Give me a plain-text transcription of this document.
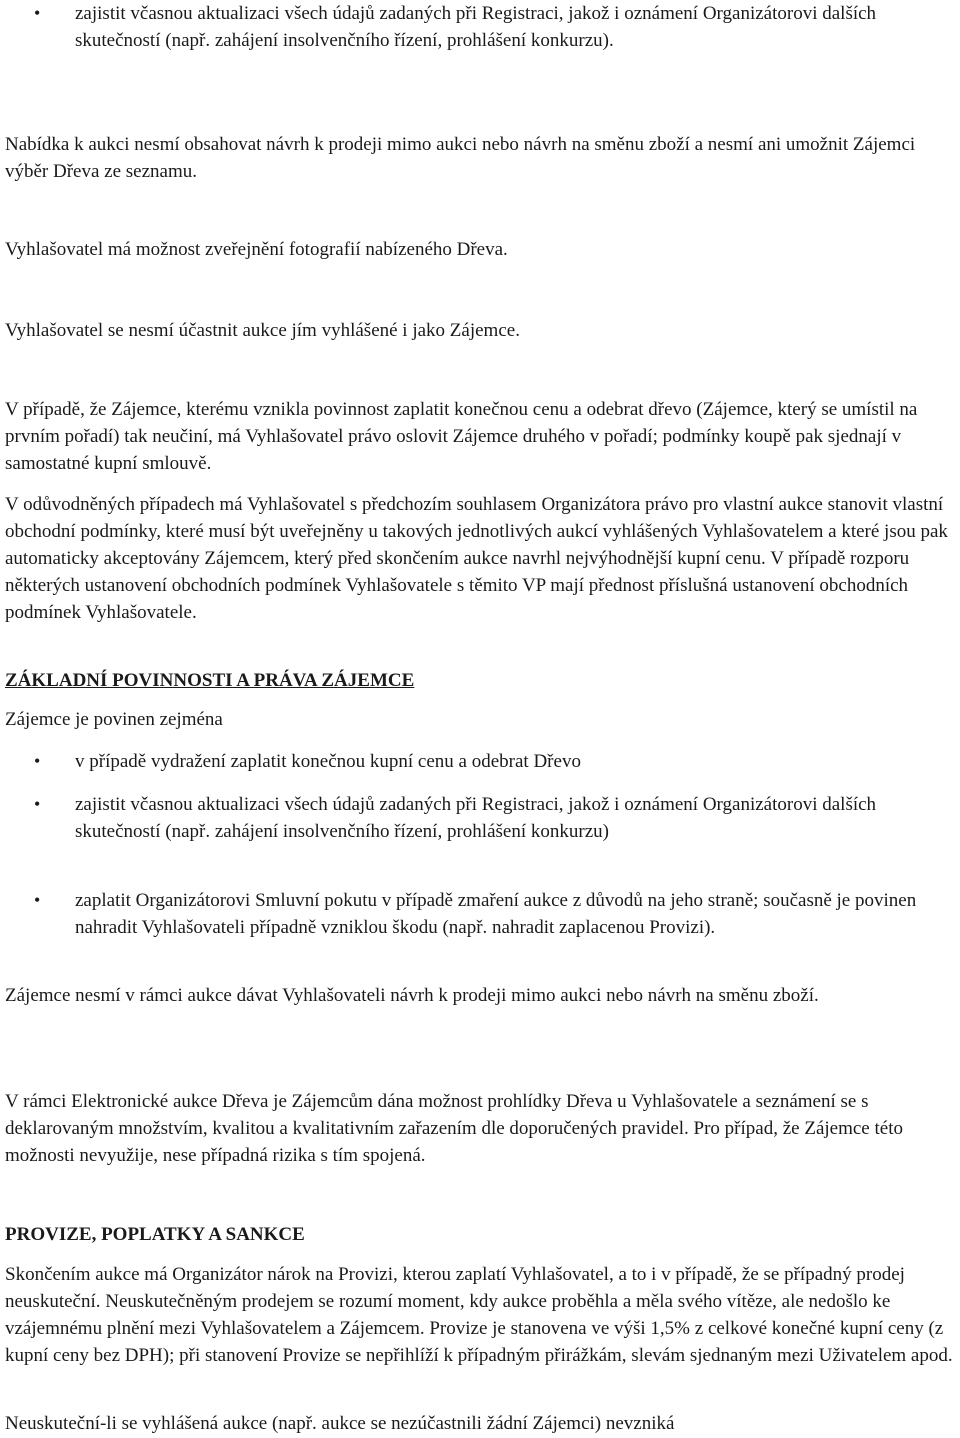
• zajistit včasnou aktualizaci všech údajů zadaných při Registraci, jakož i oznámení Organizátorovi dalších skutečností (např. zahájení insolvenčního řízení, prohlášení konkurzu).

Nabídka k aukci nesmí obsahovat návrh k prodeji mimo aukci nebo návrh na směnu zboží a nesmí ani umožnit Zájemci výběr Dřeva ze seznamu.

Vyhlašovatel má možnost zveřejnění fotografií nabízeného Dřeva.

Vyhlašovatel se nesmí účastnit aukce jím vyhlášené i jako Zájemce.

V případě, že Zájemce, kterému vznikla povinnost zaplatit konečnou cenu a odebrat dřevo (Zájemce, který se umístil na prvním pořadí) tak neučiní, má Vyhlašovatel právo oslovit Zájemce druhého v pořadí; podmínky koupě pak sjednají v samostatné kupní smlouvě.

V odůvodněných případech má Vyhlašovatel s předchozím souhlasem Organizátora právo pro vlastní aukce stanovit vlastní obchodní podmínky, které musí být uveřejněny u takových jednotlivých aukcí vyhlášených Vyhlašovatelem a které jsou pak automaticky akceptovány Zájemcem, který před skončením aukce navrhl nejvýhodnější kupní cenu. V případě rozporu některých ustanovení obchodních podmínek Vyhlašovatele s těmito VP mají přednost příslušná ustanovení obchodních podmínek Vyhlašovatele.

ZÁKLADNÍ POVINNOSTI A PRÁVA ZÁJEMCE

Zájemce je povinen zejména

• v případě vydražení zaplatit konečnou kupní cenu a odebrat Dřevo
• zajistit včasnou aktualizaci všech údajů zadaných při Registraci, jakož i oznámení Organizátorovi dalších skutečností (např. zahájení insolvenčního řízení, prohlášení konkurzu)
• zaplatit Organizátorovi Smluvní pokutu v případě zmaření aukce z důvodů na jeho straně; současně je povinen nahradit Vyhlašovateli případně vzniklou škodu (např. nahradit zaplacenou Provizi).

Zájemce nesmí v rámci aukce dávat Vyhlašovateli návrh k prodeji mimo aukci nebo návrh na směnu zboží.

V rámci Elektronické aukce Dřeva je Zájemcům dána možnost prohlídky Dřeva u Vyhlašovatele a seznámení se s deklarovaným množstvím, kvalitou a kvalitativním zařazením dle doporučených pravidel. Pro případ, že Zájemce této možnosti nevyužije, nese případná rizika s tím spojená.

PROVIZE, POPLATKY A SANKCE

Skončením aukce má Organizátor nárok na Provizi, kterou zaplatí Vyhlašovatel, a to i v případě, že se případný prodej neuskuteční. Neuskutečněným prodejem se rozumí moment, kdy aukce proběhla a měla svého vítěze, ale nedošlo ke vzájemnému plnění mezi Vyhlašovatelem a Zájemcem. Provize je stanovena ve výši 1,5% z celkové konečné kupní ceny (z kupní ceny bez DPH); při stanovení Provize se nepřihlíží k případným přirážkám, slevám sjednaným mezi Uživatelem apod.

Neuskuteční-li se vyhlášená aukce (např. aukce se nezúčastnili žádní Zájemci) nevzniká
